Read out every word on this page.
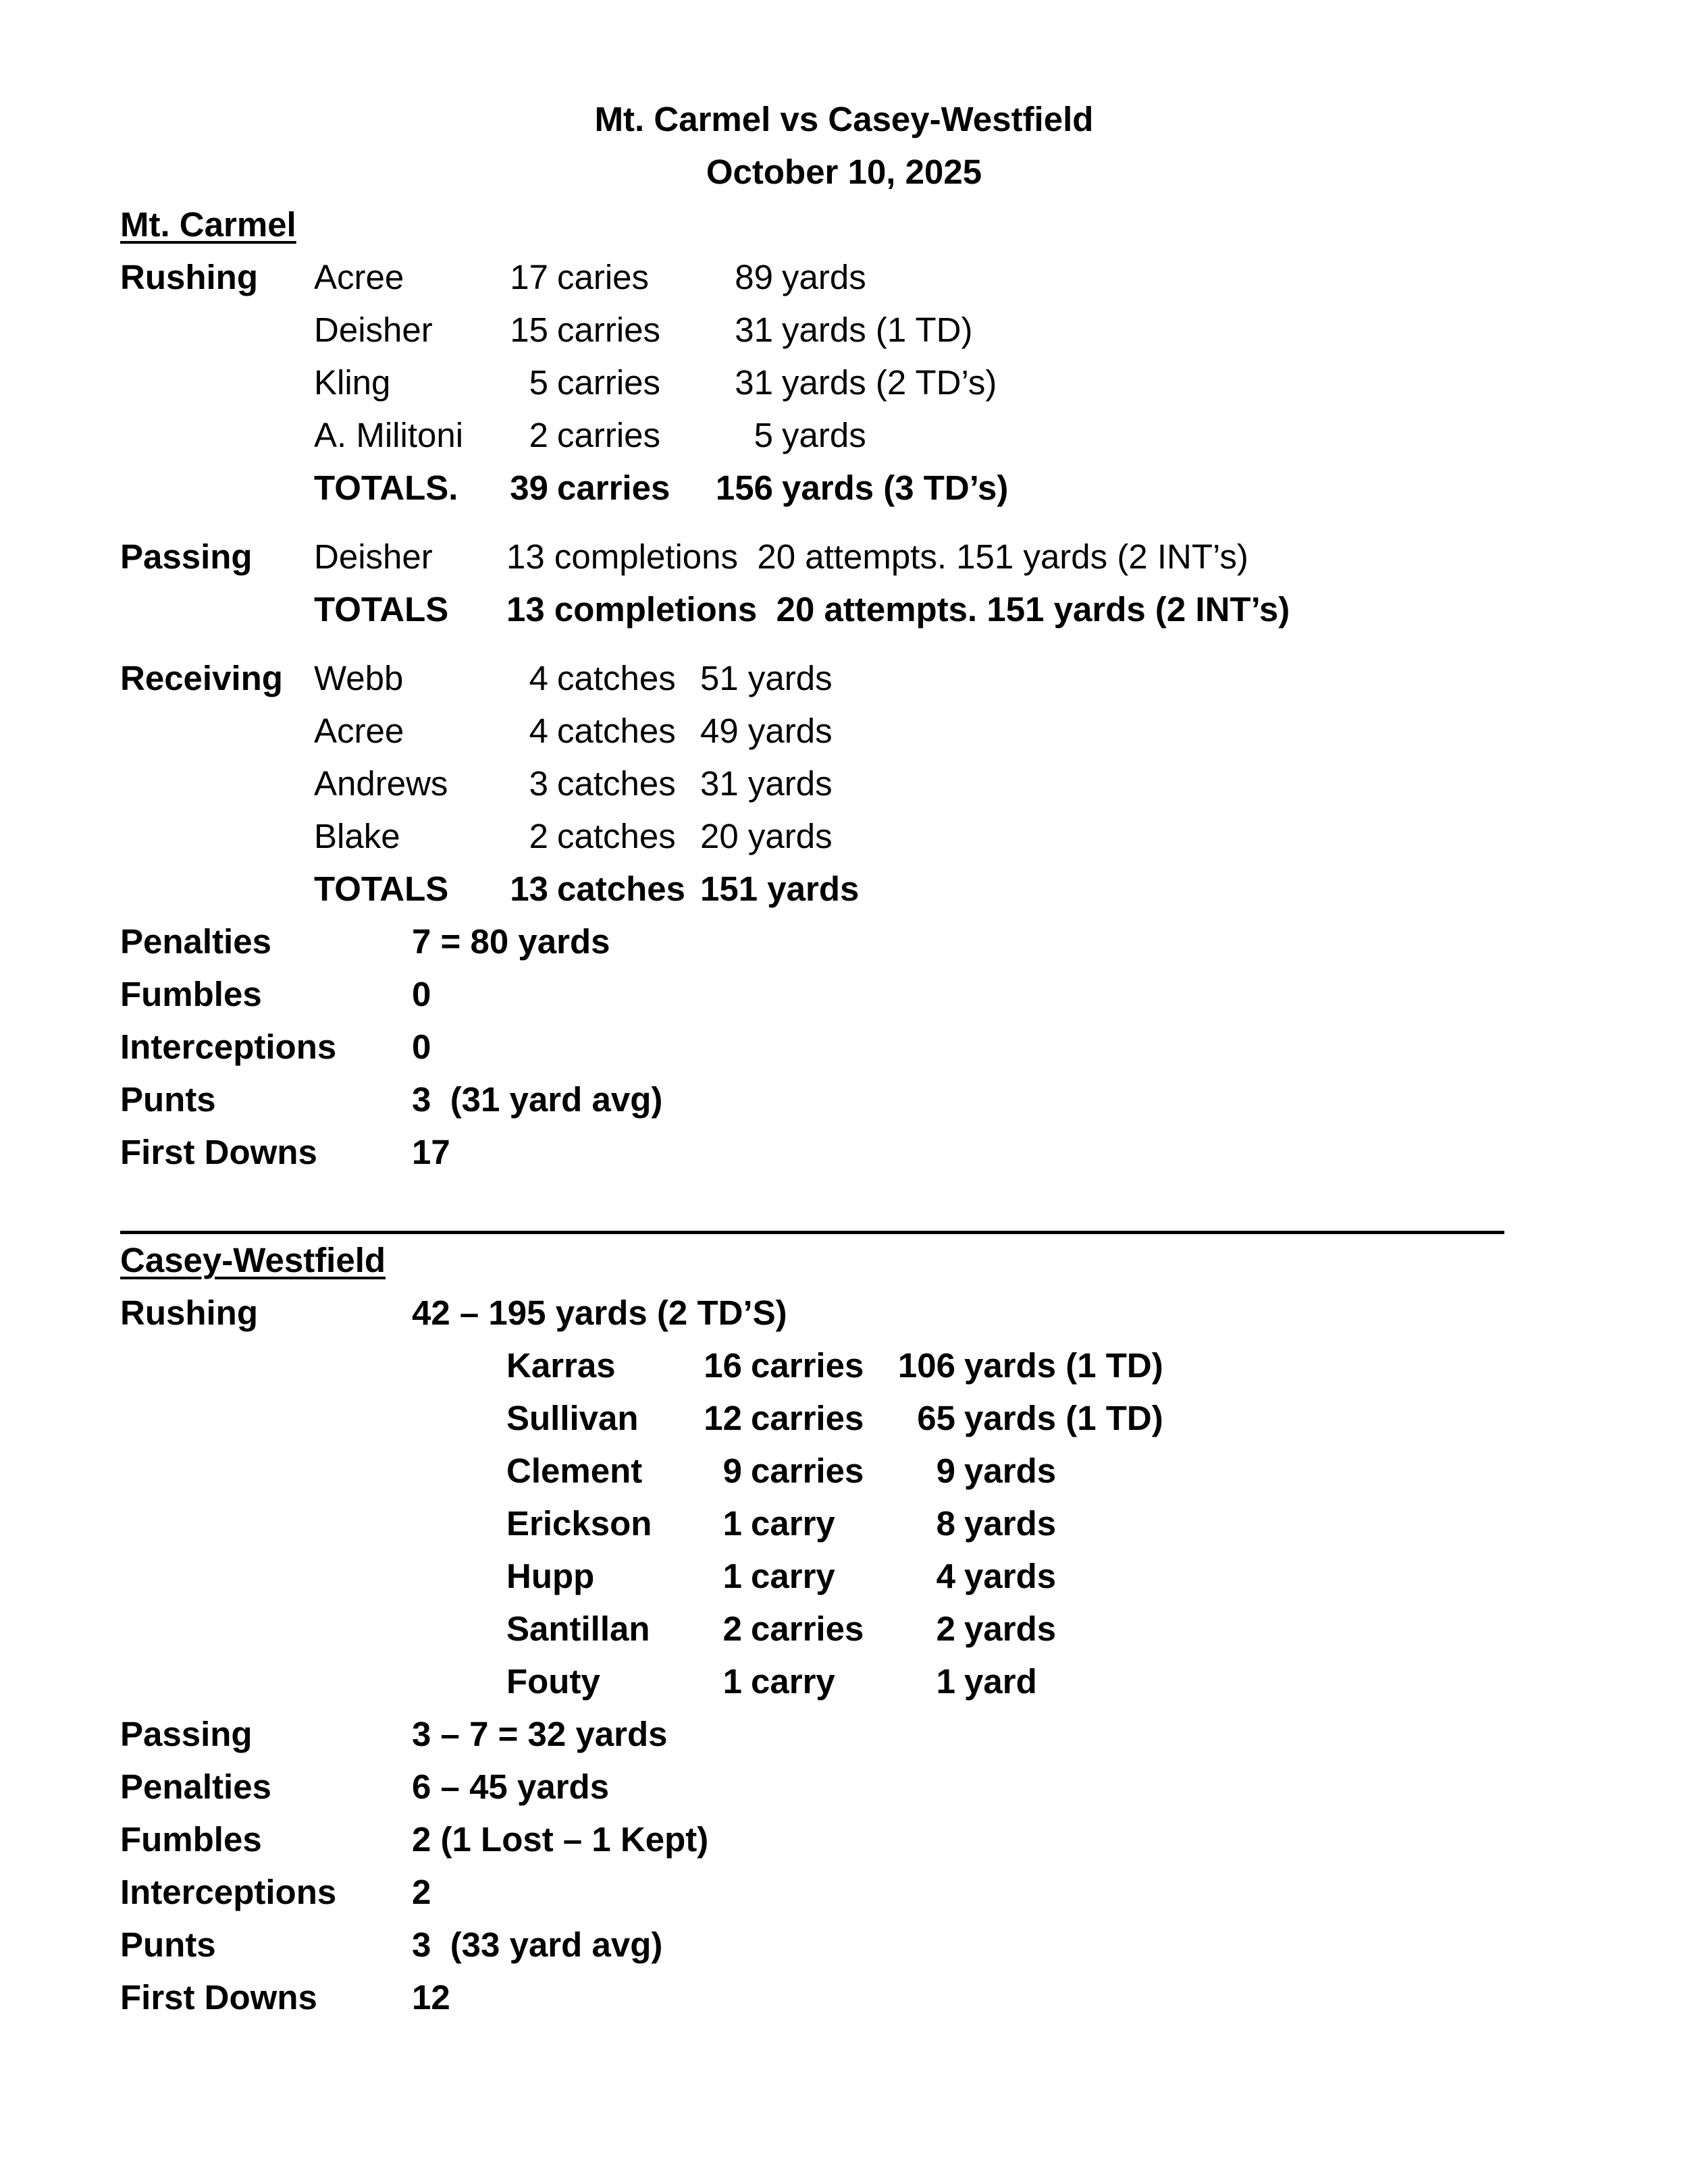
Mt. Carmel vs Casey-Westfield
October 10, 2025
Mt. Carmel
Rushing	Acree	17 caries	89 yards
Deisher	15 carries	31 yards (1 TD)
Kling	5 carries	31 yards (2 TD’s)
A. Militoni	2 carries	5 yards
TOTALS.	39 carries	156 yards (3 TD’s)
Passing	Deisher	13 completions  20 attempts. 151 yards (2 INT’s)
TOTALS	13 completions  20 attempts. 151 yards (2 INT’s)
Receiving Webb	4 catches 51 yards
Acree	4 catches 49 yards
Andrews	3 catches 31 yards
Blake	2 catches 20 yards
TOTALS	13 catches 151 yards
Penalties	7 = 80 yards
Fumbles	0
Interceptions	0
Punts	3  (31 yard avg)
First Downs	17
Casey-Westfield
Rushing	42 – 195 yards (2 TD’S)
Karras	16 carries 106 yards (1 TD)
Sullivan	12 carries	65 yards (1 TD)
Clement	9 carries	9 yards
Erickson	1 carry	8 yards
Hupp	1 carry	4 yards
Santillan	2 carries	2 yards
Fouty	1 carry	1 yard
Passing	3 – 7 = 32 yards
Penalties	6 – 45 yards
Fumbles	2 (1 Lost – 1 Kept)
Interceptions	2
Punts	3  (33 yard avg)
First Downs	12
